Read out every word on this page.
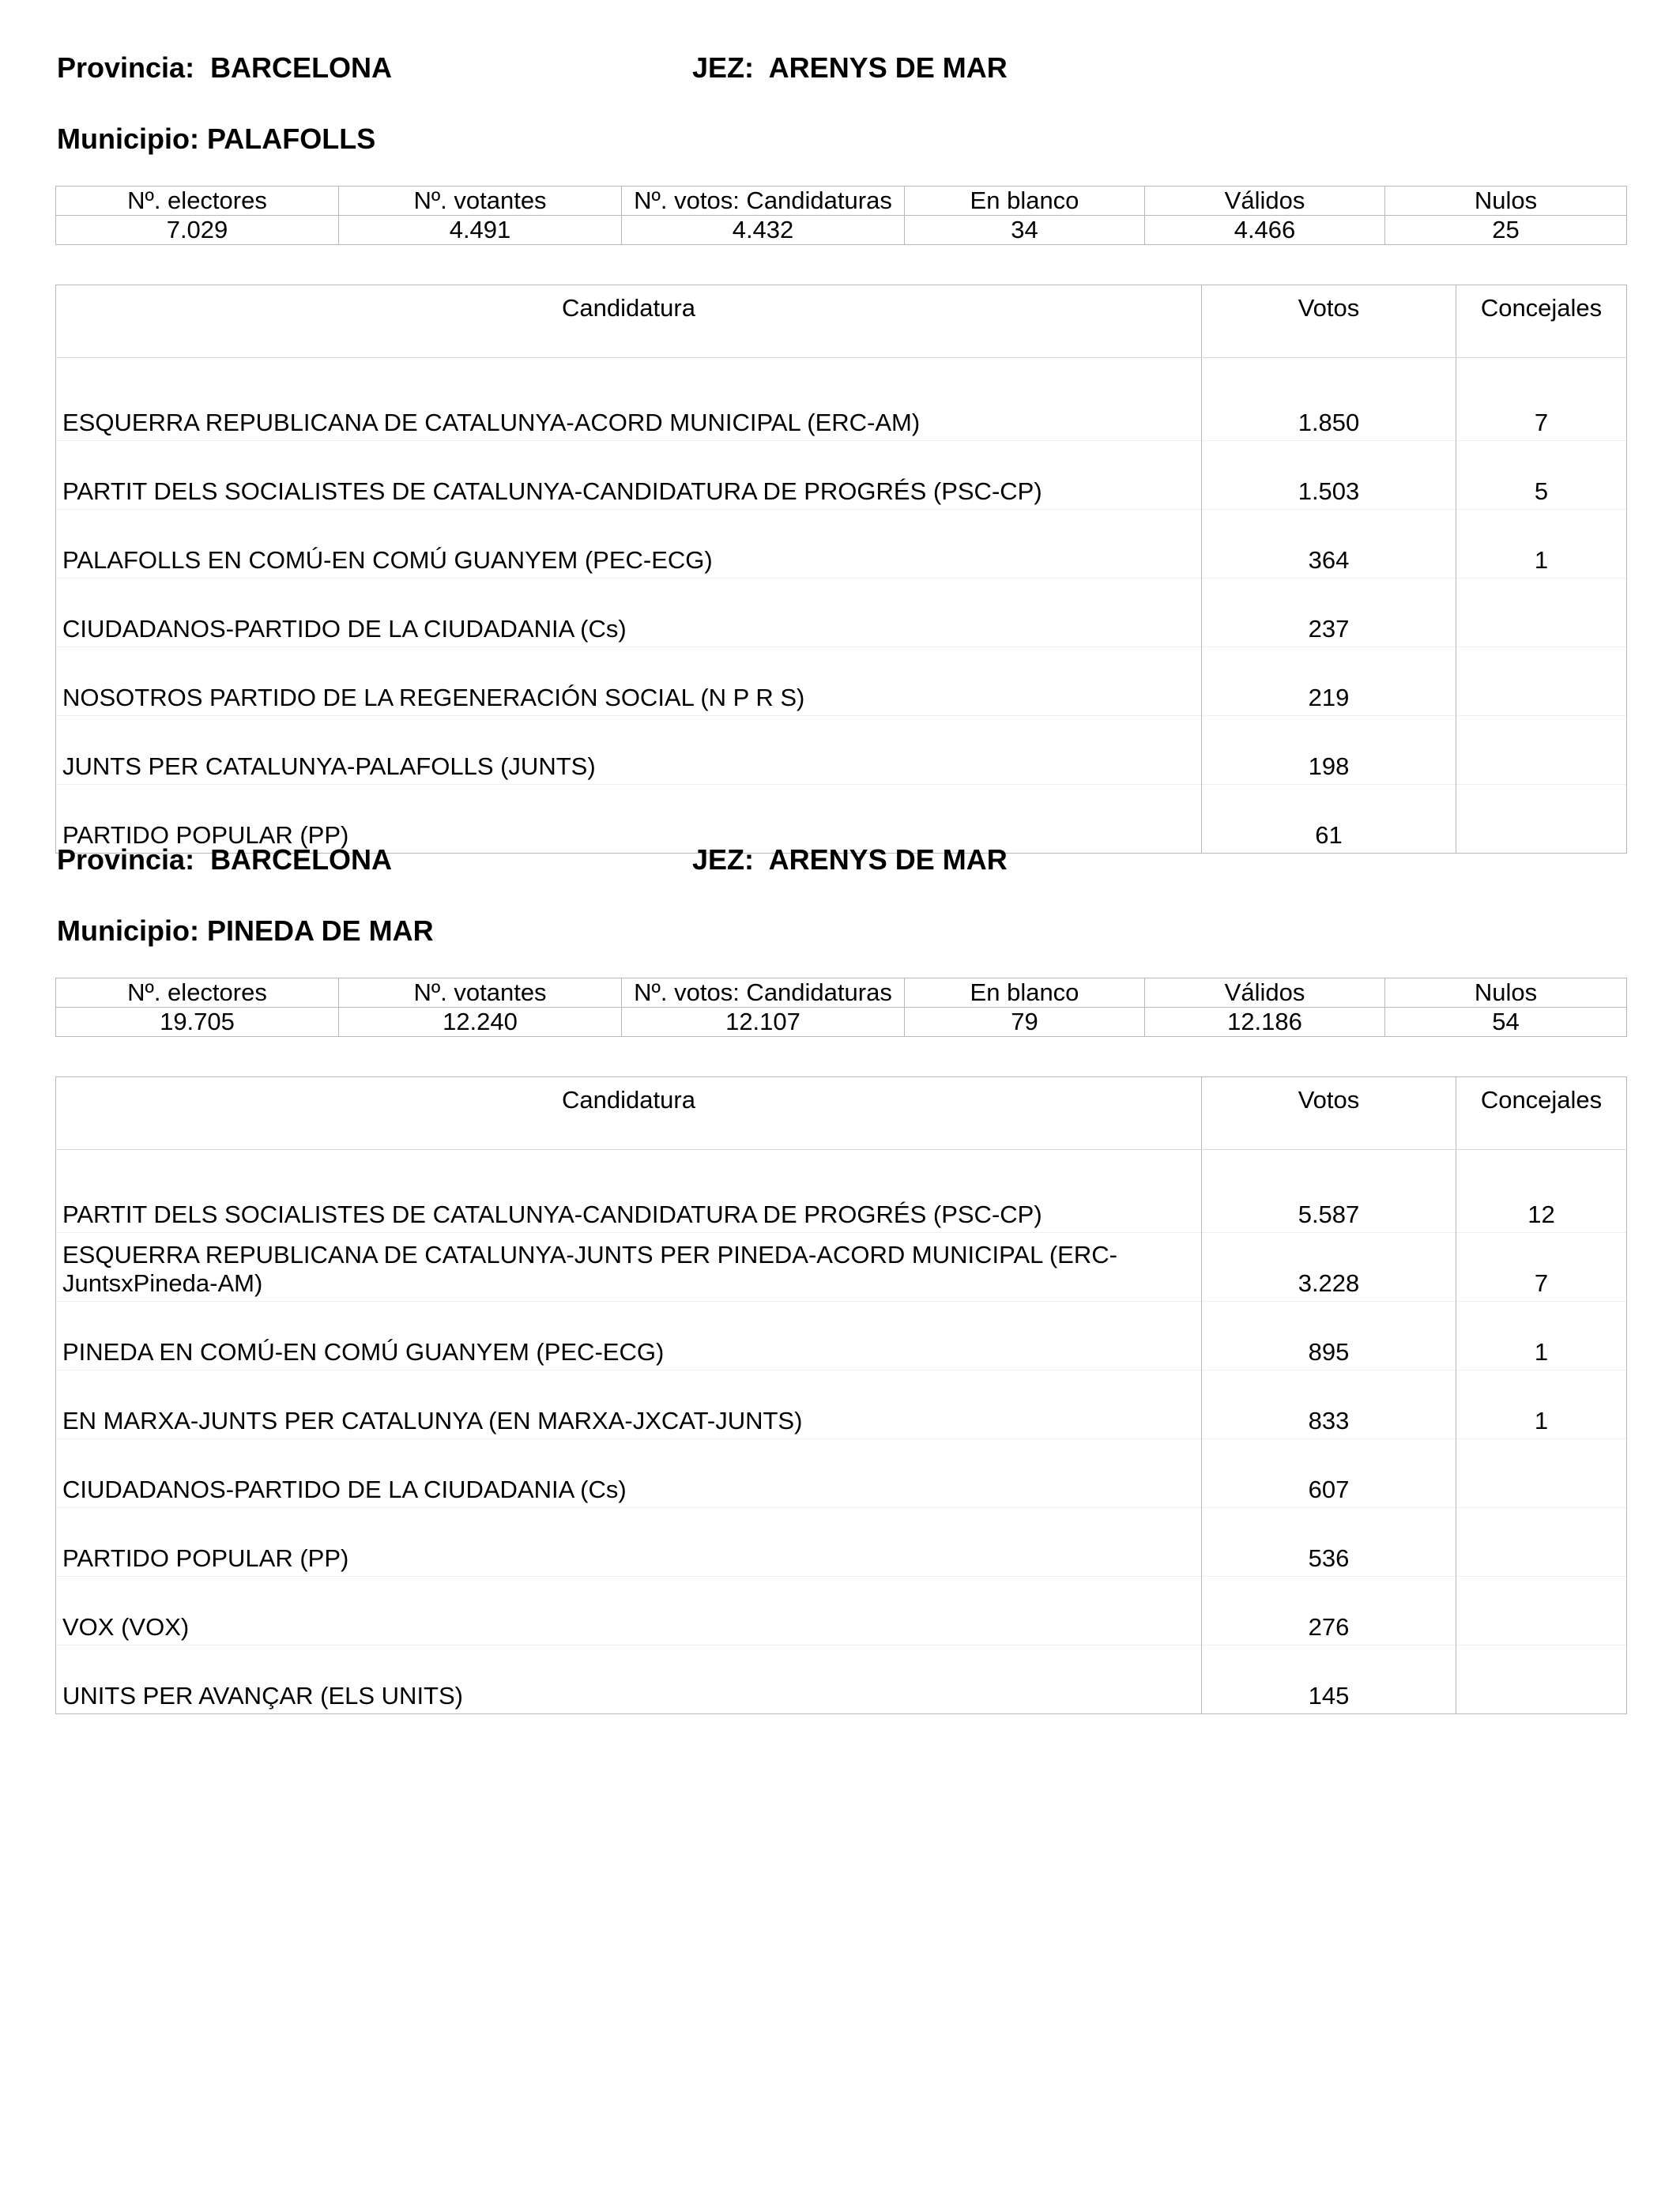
Provincia:  BARCELONA	JEZ:  ARENYS DE MAR
Municipio: PALAFOLLS
Nº. electores	Nº. votantes	Nº. votos: Candidaturas	En blanco	Válidos	Nulos
7.029	4.491	4.432	34	4.466	25
Candidatura	Votos	Concejales
ESQUERRA REPUBLICANA DE CATALUNYA-ACORD MUNICIPAL (ERC-AM)	1.850	7
PARTIT DELS SOCIALISTES DE CATALUNYA-CANDIDATURA DE PROGRÉS (PSC-CP)	1.503	5
PALAFOLLS EN COMÚ-EN COMÚ GUANYEM (PEC-ECG)	364	1
CIUDADANOS-PARTIDO DE LA CIUDADANIA (Cs)	237	
NOSOTROS PARTIDO DE LA REGENERACIÓN SOCIAL (N P R S)	219	
JUNTS PER CATALUNYA-PALAFOLLS (JUNTS)	198	
PARTIDO POPULAR (PP)	61	
Provincia:  BARCELONA	JEZ:  ARENYS DE MAR
Municipio: PINEDA DE MAR
Nº. electores	Nº. votantes	Nº. votos: Candidaturas	En blanco	Válidos	Nulos
19.705	12.240	12.107	79	12.186	54
Candidatura	Votos	Concejales
PARTIT DELS SOCIALISTES DE CATALUNYA-CANDIDATURA DE PROGRÉS (PSC-CP)	5.587	12
ESQUERRA REPUBLICANA DE CATALUNYA-JUNTS PER PINEDA-ACORD MUNICIPAL (ERC-JuntsxPineda-AM)	3.228	7
PINEDA EN COMÚ-EN COMÚ GUANYEM (PEC-ECG)	895	1
EN MARXA-JUNTS PER CATALUNYA (EN MARXA-JXCAT-JUNTS)	833	1
CIUDADANOS-PARTIDO DE LA CIUDADANIA (Cs)	607	
PARTIDO POPULAR (PP)	536	
VOX (VOX)	276	
UNITS PER AVANÇAR (ELS UNITS)	145	
